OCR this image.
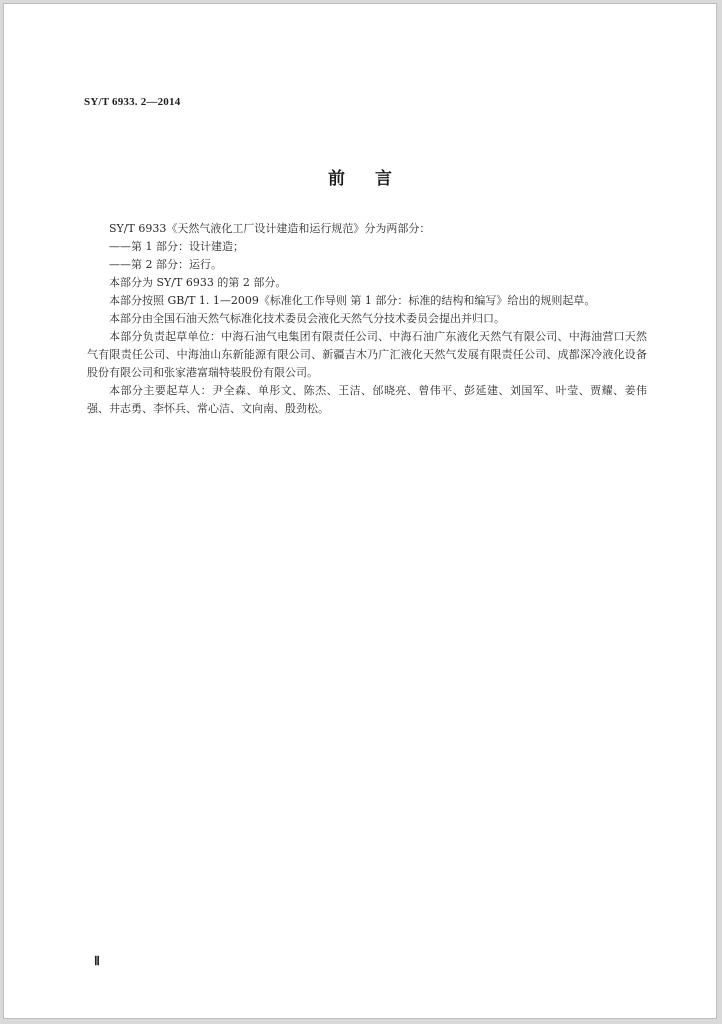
SY/T 6933. 2—2014
前言

SY/T 6933《天然气液化工厂设计建造和运行规范》分为两部分：

——第 1 部分：设计建造；

——第 2 部分：运行。

本部分为 SY/T 6933 的第 2 部分。

本部分按照 GB/T 1. 1—2009《标准化工作导则 第 1 部分：标准的结构和编写》给出的规则起草。

本部分由全国石油天然气标准化技术委员会液化天然气分技术委员会提出并归口。

本部分负责起草单位：中海石油气电集团有限责任公司、中海石油广东液化天然气有限公司、中海油营口天然气有限责任公司、中海油山东新能源有限公司、新疆吉木乃广汇液化天然气发展有限责任公司、成都深冷液化设备股份有限公司和张家港富瑞特装股份有限公司。

本部分主要起草人：尹全森、单彤文、陈杰、王洁、邰晓亮、曾伟平、彭延建、刘国军、叶莹、贾耀、姜伟强、井志勇、李怀兵、常心洁、文向南、殷劲松。

Ⅱ
